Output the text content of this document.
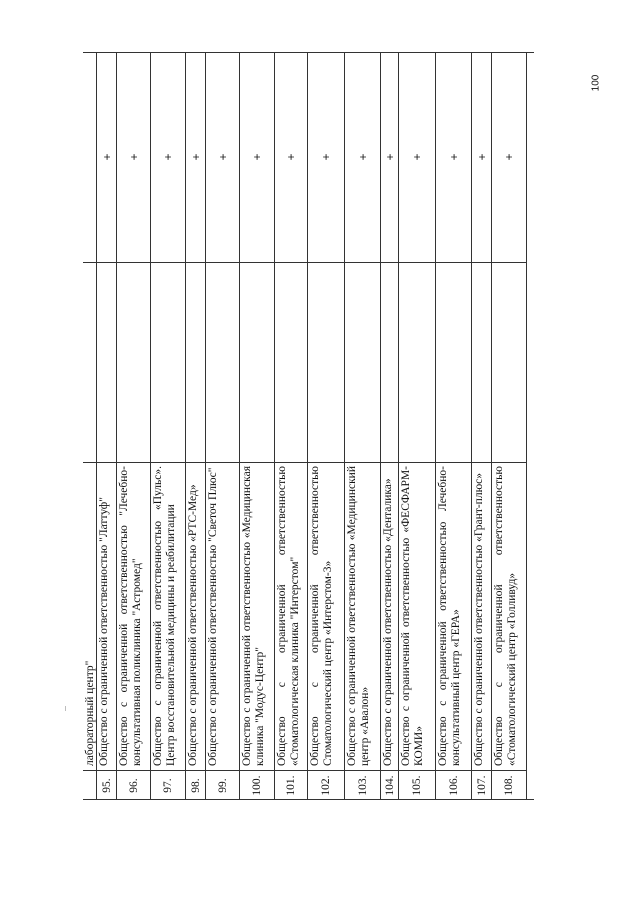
100
лабораторный центр"
95.
Общество с ограниченной ответственностью "Латтуф"
+
96.
Общество с ограниченной ответственностью "Лечебно-консультативная поликлиника "Астромед"
+
97.
Общество с ограниченной ответственностью «Пульс». Центр восстановительной медицины и реабилитации
+
98.
Общество с ограниченной ответственностью «РТС-Мед»
+
99.
Общество с ограниченной ответственностью "Светоч Плюс"
+
100.
Общество с ограниченной ответственностью «Медицинская клиника "Модус-Центр"
+
101.
Общество с ограниченной ответственностью «Стоматологическая клиника "Интерстом"
+
102.
Общество с ограниченной ответственностью Стоматологический центр «Интерстом-3»
+
103.
Общество с ограниченной ответственностью «Медицинский центр «Авалон»
+
104.
Общество с ограниченной ответственностью «Денталика»
+
105.
Общество с ограниченной ответственностью «ФЕСФАРМ-КОМИ»
+
106.
Общество с ограниченной ответственностью Лечебно-консультативный центр «ГЕРА»
+
107.
Общество с ограниченной ответственностью «Грант-плюс»
+
108.
Общество с ограниченной ответственностью «Стоматологический центр «Голливуд»
+
